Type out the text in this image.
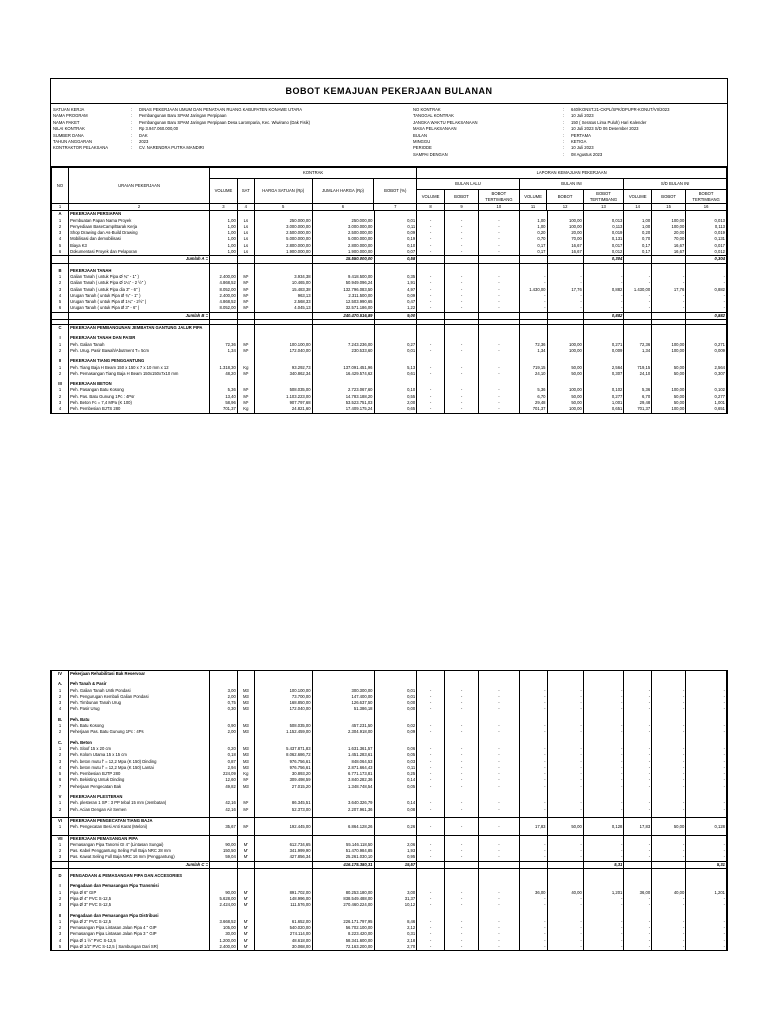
BOBOT KEMAJUAN PEKERJAAN BULANAN
SATUAN KERJA	:	DINAS PEKERJAAN UMUM DAN PENATAAN RUANG KABUPATEN KONAWE UTARA
NAMA PROGRAM	:	Pembangunan Baru SPAM Jaringan Perpipaan
NAMA PAKET	:	Pembangunan Baru SPAM Jaringan Perpipaan Desa Laromparia, Kec. Wiwirano (Dak Fisik)
NILAI KONTRAK	:	Rp 3.947.060.000,00
SUMBER DANA	:	DAK
TAHUN ANGGARAN	:	2023
KONTRAKTOR PELAKSANA	:	CV. NARENDRA PUTRA MANDIRI
NO KONTRAK	:	640/KONST.21-CKPL/SPK/DPUPR-KONUT/VII/2023
TANGGAL KONTRAK	:	10 Juli 2023
JANGKA WAKTU PELAKSANAAN	:	150 ( Seratus Lima Puluh) Hari Kalender
MASA PELAKSANAAN	:	10 Juli 2023 S/D 06 Desember 2023
BULAN	:	PERTAMA
MINGGU	:	KETIGA
PERIODE	:	10 Juli 2023
SAMPAI DENGAN	:	08 Agustus 2023
NO	URAIAN PEKERJAAN	KONTRAK					LAPORAN KEMAJUAN PEKERJAAN								
		VOLUME	SAT	HARGA SATUAN (Rp)	JUMLAH HARGA (Rp)	BOBOT (%)	BULAN LALU			BULAN INI			S/D BULAN INI		
							VOLUME	BOBOT	BOBOT TERTIMBANG	VOLUME	BOBOT	BOBOT TERTIMBANG	VOLUME	BOBOT	BOBOT TERTIMBANG
1	2	3	4	5	6	7	8	9	10	11	12	13	14	15	16
A	PEKERJAAN PERSIAPAN														
1	Pembuatan Papan Nama Proyek	1,00	Ls	250.000,00	250.000,00	0,01	-	-	-	1,00	100,00	0,013	1,00	100,00	0,013
2	Penyediaan BaseCamp/Barak Kerja	1,00	Ls	3.000.000,00	3.000.000,00	0,11	-	-	-	1,00	100,00	0,113	1,00	100,00	0,113
3	Shop Drawing dan As-Build Drawing	1,00	Ls	2.500.000,00	2.500.000,00	0,09	-	-	-	0,20	20,00	0,019	0,20	20,00	0,019
4	Mobilisasi dan demobilisasi	1,00	Ls	5.000.000,00	5.000.000,00	0,19	-	-	-	0,70	70,00	0,131	0,70	70,00	0,131
5	Biaya K3	1,00	Ls	2.800.000,00	2.800.000,00	0,10	-	-	-	0,17	16,67	0,017	0,17	16,67	0,017
6	Dokumentasi Proyek dan Pelaporan	1,00	Ls	1.900.000,00	1.900.000,00	0,07	-	-	-	0,17	16,67	0,012	0,17	16,67	0,012
	Jumlah A =				15.550.000,00	0,58						0,304			0,304

B	PEKERJAAN TANAH														
1	Galian Tanah ( untuk Pipa Ø ¾" - 1" )	2.400,00	M³	3.934,38	9.418.500,00	0,35	-	-	-	-	-	-	-	-	-
2	Galian Tanah ( untuk Pipa Ø 1¼" - 2 ½" )	4.868,52	M³	10.465,00	50.949.096,24	1,91	-	-	-	-	-	-	-	-	-
3	Galian Tanah ( untuk Pipa dia 3" - 6" )	8.052,00	M³	15.483,38	132.796.083,50	4,97	-	-	-	1.430,00	17,76	0,882	1.430,00	17,76	0,882
4	Urugan Tanah ( untuk Pipa Ø ¾" - 1" )	2.400,00	M³	963,13	2.311.500,00	0,09	-	-	-	-	-	-	-	-	-
5	Urugan Tanah ( untuk Pipa Ø 1¼" - 2½" )	4.868,52	M³	2.568,33	12.503.990,65	0,47	-	-	-	-	-	-	-	-	-
6	Urugan Tanah ( untuk Pipa Ø 3" - 6" )	8.052,00	M³	4.045,13	32.571.186,00	1,22	-	-	-	-	-	-	-	-	-
	Jumlah B =				240.470.516,89	9,00						0,882			0,882

C	PEKERJAAN PEMBANGUNAN JEMBATAN GANTUNG JALUR PIPA														

I	PEKERJAAN TANAH DAN PASIR														
1	Peh. Galian Tanah	72,36	M³	100.100,00	7.243.236,00	0,27	-	-	-	72,36	100,00	0,271	72,36	100,00	0,271
2	Peh. Urug. Pasir Bawah/Abutment T= 5cm	1,34	M³	172.040,00	230.533,60	0,01	-	-	-	1,34	100,00	0,009	1,34	100,00	0,009

II	PEKERJAAN TIANG PENGGANTUNG														
1	Peh. Tiang Baja H Beam 150 x 150 x 7 x 10 mm x 12	1.318,30	Kg	93.292,73	137.091.451,96	5,13	-	-	-	719,15	50,00	2,564	719,15	50,00	2,564
2	Peh. Pemasangan Tiang Baja H Beam 150x150x7x10 mm	48,20	M³	340.862,34	16.429.574,62	0,61	-	-	-	24,10	50,00	0,307	24,10	50,00	0,307

III	PEKERJAAN BETON														
1	Peh. Pasangan Batu Kosong	5,36	M³	508.035,00	2.723.067,60	0,10	-	-	-	5,36	100,00	0,102	5,36	100,00	0,102
2	Peh. Pas. Batu Gunung 1Pc : 4Psr	13,40	M³	1.103.223,00	14.783.188,20	0,55	-	-	-	6,70	50,00	0,277	6,70	50,00	0,277
3	Peh. Beton Fc = 7,4 MPa (K 100)	58,96	M³	907.797,68	53.523.751,03	2,00	-	-	-	29,48	50,00	1,001	29,48	50,00	1,001
4	Peh. Pembesian BJTS 280	701,37	Kg	24.821,60	17.409.175,24	0,65	-	-	-	701,37	100,00	0,651	701,37	100,00	0,651
IV	Pekerjaan Rehabilitasi Bak Reservoar														

A.	Peh Tanah & Pasir														
1	Peh. Galian Tanah Untk Pondasi	3,00	M3	100.100,00	300.300,00	0,01	-	-	-	-	-	-	-	-	-
2	Peh. Pengurugan Kembali Galian Pondasi	2,00	M3	73.700,00	147.400,00	0,01	-	-	-	-	-	-	-	-	-
3	Peh. Timbunan Tanah Urug	0,75	M3	168.850,00	126.637,50	0,00	-	-	-	-	-	-	-	-	-
4	Peh. Pasir Urug	0,30	M3	172.040,00	51.386,18	0,00	-	-	-	-	-	-	-	-	-

B.	Peh. Batu														
1	Peh. Batu Kosong	0,90	M3	508.035,00	457.231,50	0,02	-	-	-	-	-	-	-	-	-
2	Peherjaan Pas. Batu Gunung 1Pc : 4Ps	2,00	M3	1.152.459,00	2.304.918,00	0,09	-	-	-	-	-	-	-	-	-

C.	Peh. Beton														
1	Peh. Sloof 15 x 20 cm	0,20	M3	5.437.871,83	1.631.361,57	0,06	-	-	-	-	-	-	-	-	-
2	Peh. Kolom Utama 15 x 15 cm	0,18	M3	8.062.686,72	1.451.283,61	0,05	-	-	-	-	-	-	-	-	-
3	Peh. beton mutu f' = 12,2 Mpa (K 150) Dinding	0,87	M3	976.756,61	848.064,53	0,03	-	-	-	-	-	-	-	-	-
4	Peh. beton mutu f' = 12,2 Mpa (K 150) Lantai	2,94	M3	976.756,61	2.871.664,43	0,11	-	-	-	-	-	-	-	-	-
5	Peh. Pembesian BJTP 280	224,09	Kg	30.893,20	6.771.173,81	0,25	-	-	-	-	-	-	-	-	-
6	Peh. Bekisting Untuk Dinding	12,60	M²	309.498,59	3.840.282,36	0,14	-	-	-	-	-	-	-	-	-
7	Peherjaan Pengecatan Bak	49,82	M3	27.015,20	1.348.748,54	0,05	-	-	-	-	-	-	-	-	-

V	PEKERJAAN PLESTERAN														
1	Peh. plesteran 1 SP : 3 PP tebal 15 mm (Jembatan)	42,16	M²	86.345,51	3.640.326,79	0,14	-	-	-	-	-	-	-	-	-
2	Peh. Acian Dengan Air Semen	42,16	M²	52.373,00	2.207.961,36	0,08	-	-	-	-	-	-	-	-	-

VI	PEKERJAAN PENGECATAN TIANG BAJA														
1	Peh. Pengecatan Besi Anti Karat (Meloni)	35,67	M²	192.445,00	6.864.128,26	0,26	-	-	-	17,83	50,00	0,128	17,83	50,00	0,128

VII	PEKERJAAN PEMASANGAN PIPA														
1	Pemasangan Pipa Tanomi GI 4" (Lintasan Sungai)	90,00	M'	612.734,65	55.146.118,50	2,06	-	-	-	-	-	-	-	-	-
2	Pas. Kabel Penggantung Seling Full Baja NRC 28 mm	150,50	M'	341.999,90	51.470.984,85	1,93	-	-	-	-	-	-	-	-	-
3	Pas. Kawat Seling Full Baja NRC 16 mm (Penggantung)	59,04	M'	427.856,34	25.261.030,10	0,95	-	-	-	-	-	-	-	-	-
	Jumlah C =				416.175.380,31	15,57						5,31			5,31

D	PENGADAAN & PEMASANGAN PIPA DAN ACCESORIES														

I	Pengadaan dan Pemasangan Pipa Transmisi														
1	Pipa Ø 6" GIP	90,00	M'	891.702,00	80.253.180,00	3,00	-	-	-	36,00	40,00	1,201	36,00	40,00	1,201
2	Pipa Ø 4" PVC S-12,5	5.628,00	M'	148.996,00	838.549.488,00	31,37	-	-	-	-	-	-	-	-	-
3	Pipa Ø 3" PVC S-12,5	2.424,00	M'	111.576,00	270.460.224,00	10,12	-	-	-	-	-	-	-	-	-

II	Pengadaan dan Pemasangan Pipa Distribusi														
1	Pipa Ø 2" PVC S-12,5	3.668,52	M'	61.652,00	226.171.797,95	8,46	-	-	-	-	-	-	-	-	-
2	Pemasangan Pipa Lintasan Jalan Pipa 4 " GIP	105,00	M'	540.020,00	56.702.100,00	2,12	-	-	-	-	-	-	-	-	-
3	Pemasangan Pipa Lintasan Jalan Pipa 3 " GIP	30,00	M'	274.114,00	8.223.420,00	0,31	-	-	-	-	-	-	-	-	-
4	Pipa Ø 1 ½" PVC S-12,5	1.200,00	M'	48.618,00	58.341.600,00	2,18	-	-	-	-	-	-	-	-	-
5	Pipa Ø 1/2" PVC S-12,5 ( Sambungan Dari SR)	2.400,00	M'	30.068,00	72.163.200,00	2,70	-	-	-	-	-	-	-	-	-
